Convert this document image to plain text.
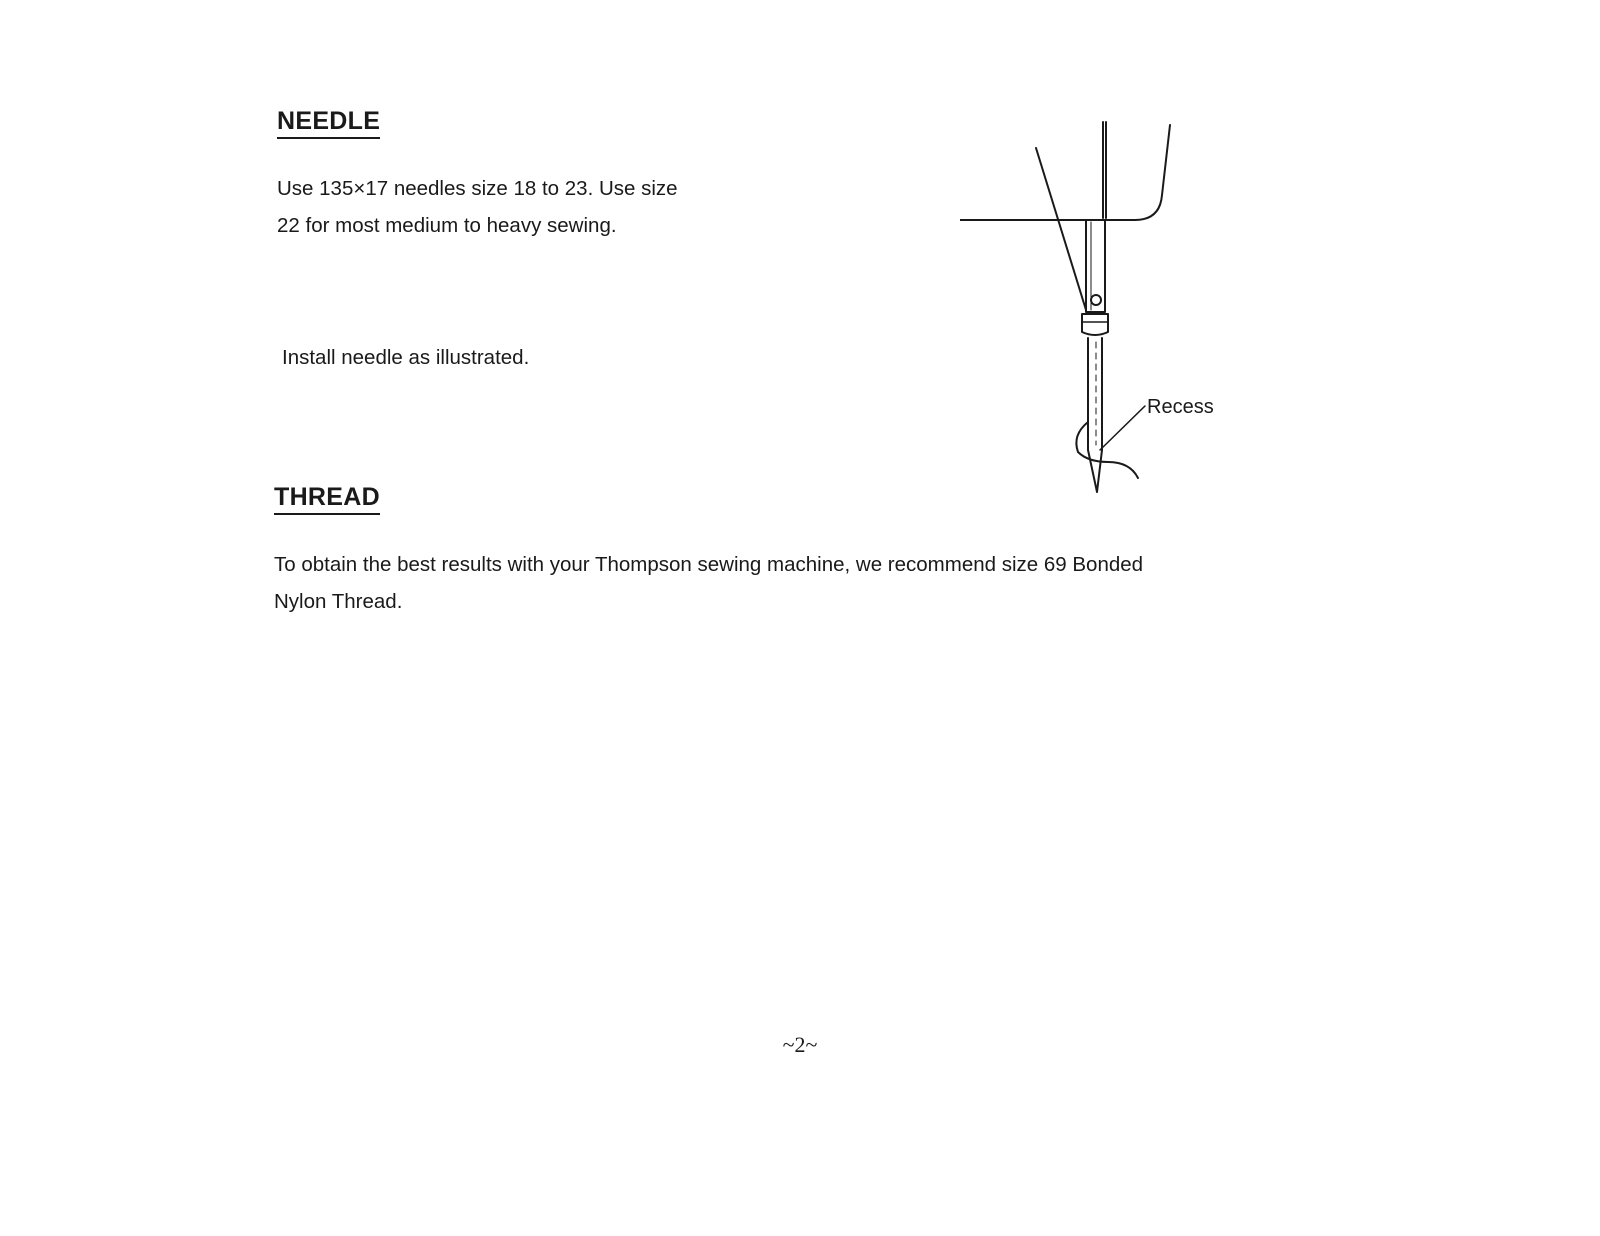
NEEDLE

Use 135×17 needles size 18 to 23. Use size
22 for most medium to heavy sewing.

Install needle as illustrated.

Recess
THREAD

To obtain the best results with your Thompson sewing machine, we recommend size 69 Bonded
Nylon Thread.

~2~
